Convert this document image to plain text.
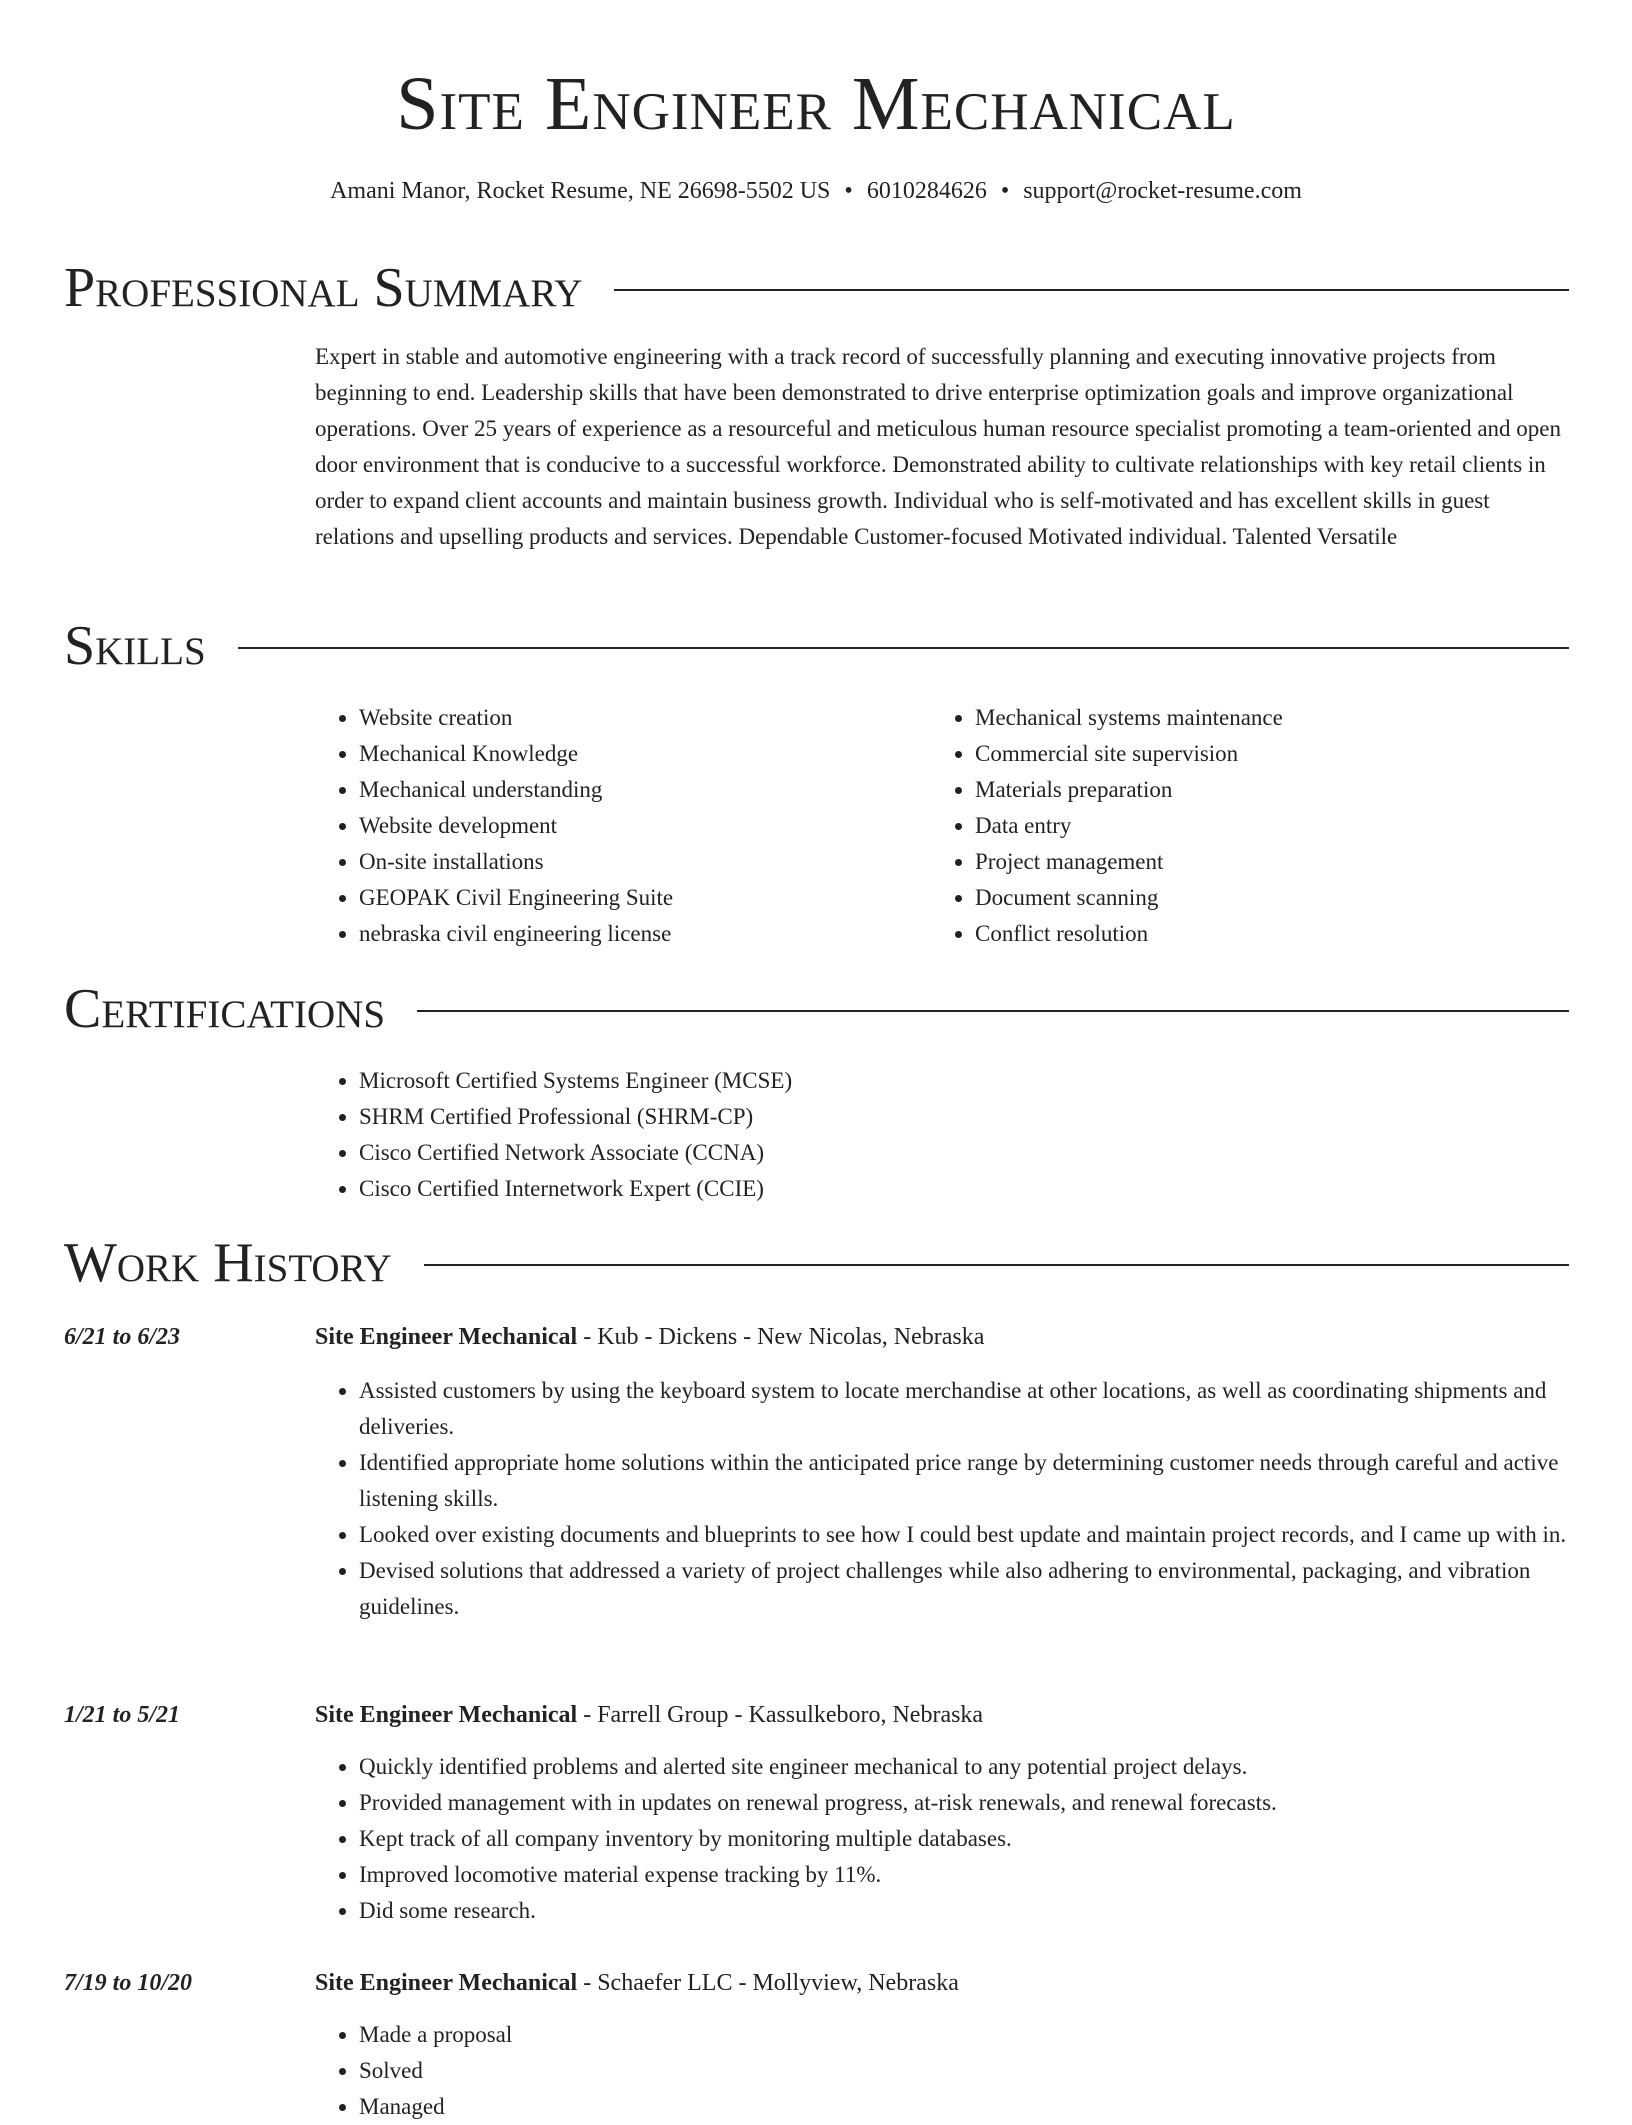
Site Engineer Mechanical
Amani Manor, Rocket Resume, NE 26698-5502 US • 6010284626 • support@rocket-resume.com
Professional Summary
Expert in stable and automotive engineering with a track record of successfully planning and executing innovative projects from beginning to end. Leadership skills that have been demonstrated to drive enterprise optimization goals and improve organizational operations. Over 25 years of experience as a resourceful and meticulous human resource specialist promoting a team-oriented and open door environment that is conducive to a successful workforce. Demonstrated ability to cultivate relationships with key retail clients in order to expand client accounts and maintain business growth. Individual who is self-motivated and has excellent skills in guest relations and upselling products and services. Dependable Customer-focused Motivated individual. Talented Versatile
Skills
• Website creation
• Mechanical Knowledge
• Mechanical understanding
• Website development
• On-site installations
• GEOPAK Civil Engineering Suite
• nebraska civil engineering license
• Mechanical systems maintenance
• Commercial site supervision
• Materials preparation
• Data entry
• Project management
• Document scanning
• Conflict resolution
Certifications
• Microsoft Certified Systems Engineer (MCSE)
• SHRM Certified Professional (SHRM-CP)
• Cisco Certified Network Associate (CCNA)
• Cisco Certified Internetwork Expert (CCIE)
Work History
6/21 to 6/23	Site Engineer Mechanical - Kub - Dickens - New Nicolas, Nebraska
• Assisted customers by using the keyboard system to locate merchandise at other locations, as well as coordinating shipments and deliveries.
• Identified appropriate home solutions within the anticipated price range by determining customer needs through careful and active listening skills.
• Looked over existing documents and blueprints to see how I could best update and maintain project records, and I came up with in.
• Devised solutions that addressed a variety of project challenges while also adhering to environmental, packaging, and vibration guidelines.
1/21 to 5/21	Site Engineer Mechanical - Farrell Group - Kassulkeboro, Nebraska
• Quickly identified problems and alerted site engineer mechanical to any potential project delays.
• Provided management with in updates on renewal progress, at-risk renewals, and renewal forecasts.
• Kept track of all company inventory by monitoring multiple databases.
• Improved locomotive material expense tracking by 11%.
• Did some research.
7/19 to 10/20	Site Engineer Mechanical - Schaefer LLC - Mollyview, Nebraska
• Made a proposal
• Solved
• Managed
